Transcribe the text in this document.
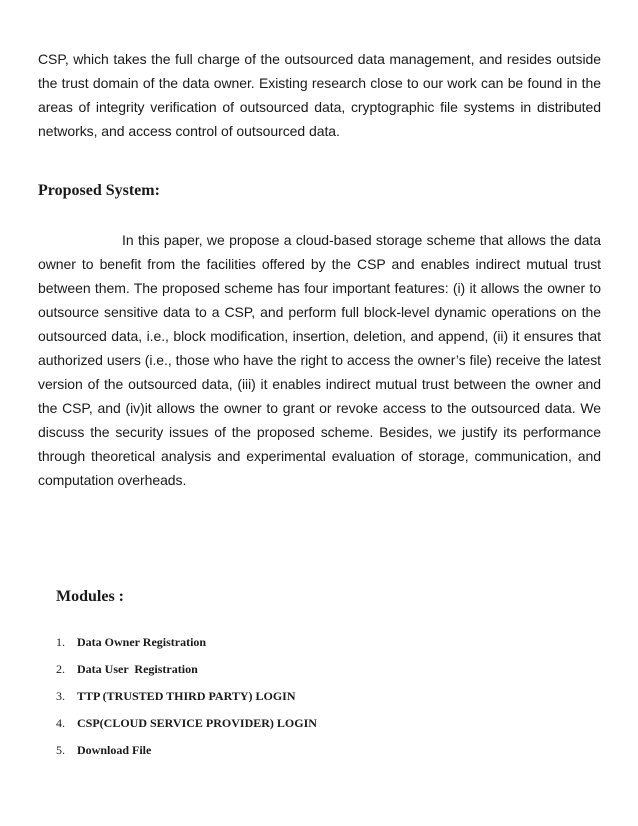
CSP, which takes the full charge of the outsourced data management, and resides outside the trust domain of the data owner. Existing research close to our work can be found in the areas of integrity verification of outsourced data, cryptographic file systems in distributed networks, and access control of outsourced data.

Proposed System:

In this paper, we propose a cloud-based storage scheme that allows the data owner to benefit from the facilities offered by the CSP and enables indirect mutual trust between them. The proposed scheme has four important features: (i) it allows the owner to outsource sensitive data to a CSP, and perform full block-level dynamic operations on the outsourced data, i.e., block modification, insertion, deletion, and append, (ii) it ensures that authorized users (i.e., those who have the right to access the owner’s file) receive the latest version of the outsourced data, (iii) it enables indirect mutual trust between the owner and the CSP, and (iv)it allows the owner to grant or revoke access to the outsourced data. We discuss the security issues of the proposed scheme. Besides, we justify its performance through theoretical analysis and experimental evaluation of storage, communication, and computation overheads.

Modules :
1. Data Owner Registration
2. Data User  Registration
3. TTP (TRUSTED THIRD PARTY) LOGIN
4. CSP(CLOUD SERVICE PROVIDER) LOGIN
5. Download File
